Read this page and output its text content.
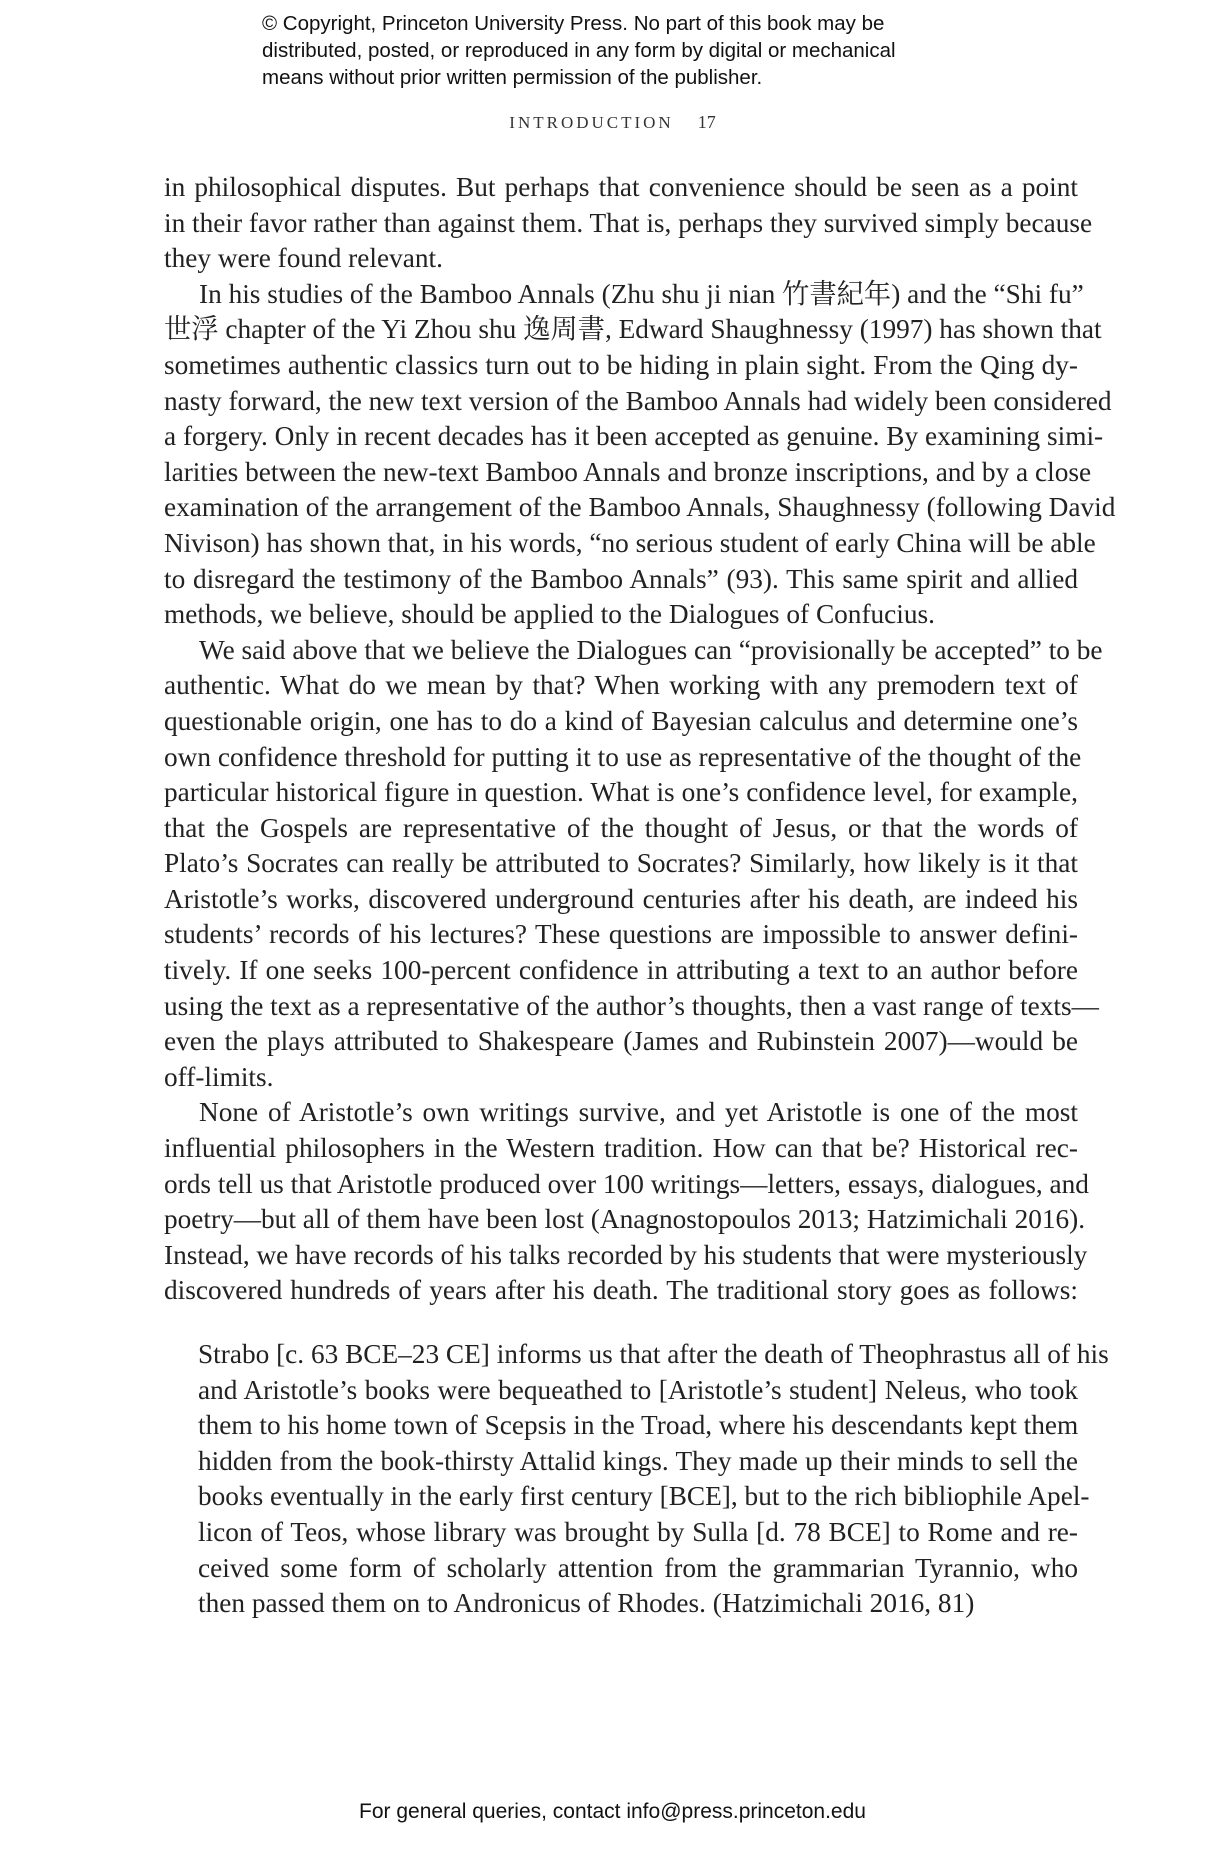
© Copyright, Princeton University Press. No part of this book may be
distributed, posted, or reproduced in any form by digital or mechanical
means without prior written permission of the publisher.
INTRODUCTION 17
in philosophical disputes. But perhaps that convenience should be seen as a point
in their favor rather than against them. That is, perhaps they survived simply because
they were found relevant.
In his studies of the Bamboo Annals (Zhu shu ji nian 竹書紀年) and the “Shi fu”
世浮 chapter of the Yi Zhou shu 逸周書, Edward Shaughnessy (1997) has shown that
sometimes authentic classics turn out to be hiding in plain sight. From the Qing dy-
nasty forward, the new text version of the Bamboo Annals had widely been considered
a forgery. Only in recent decades has it been accepted as genuine. By examining simi-
larities between the new-text Bamboo Annals and bronze inscriptions, and by a close
examination of the arrangement of the Bamboo Annals, Shaughnessy (following David
Nivison) has shown that, in his words, “no serious student of early China will be able
to disregard the testimony of the Bamboo Annals” (93). This same spirit and allied
methods, we believe, should be applied to the Dialogues of Confucius.
We said above that we believe the Dialogues can “provisionally be accepted” to be
authentic. What do we mean by that? When working with any premodern text of
questionable origin, one has to do a kind of Bayesian calculus and determine one’s
own confidence threshold for putting it to use as representative of the thought of the
particular historical figure in question. What is one’s confidence level, for example,
that the Gospels are representative of the thought of Jesus, or that the words of
Plato’s Socrates can really be attributed to Socrates? Similarly, how likely is it that
Aristotle’s works, discovered underground centuries after his death, are indeed his
students’ records of his lectures? These questions are impossible to answer defini-
tively. If one seeks 100-percent confidence in attributing a text to an author before
using the text as a representative of the author’s thoughts, then a vast range of texts—
even the plays attributed to Shakespeare (James and Rubinstein 2007)—would be
off-limits.
None of Aristotle’s own writings survive, and yet Aristotle is one of the most
influential philosophers in the Western tradition. How can that be? Historical rec-
ords tell us that Aristotle produced over 100 writings—letters, essays, dialogues, and
poetry—but all of them have been lost (Anagnostopoulos 2013; Hatzimichali 2016).
Instead, we have records of his talks recorded by his students that were mysteriously
discovered hundreds of years after his death. The traditional story goes as follows:
Strabo [c. 63 BCE–23 CE] informs us that after the death of Theophrastus all of his
and Aristotle’s books were bequeathed to [Aristotle’s student] Neleus, who took
them to his home town of Scepsis in the Troad, where his descendants kept them
hidden from the book-thirsty Attalid kings. They made up their minds to sell the
books eventually in the early first century [BCE], but to the rich bibliophile Apel-
licon of Teos, whose library was brought by Sulla [d. 78 BCE] to Rome and re-
ceived some form of scholarly attention from the grammarian Tyrannio, who
then passed them on to Andronicus of Rhodes. (Hatzimichali 2016, 81)
For general queries, contact info@press.princeton.edu
